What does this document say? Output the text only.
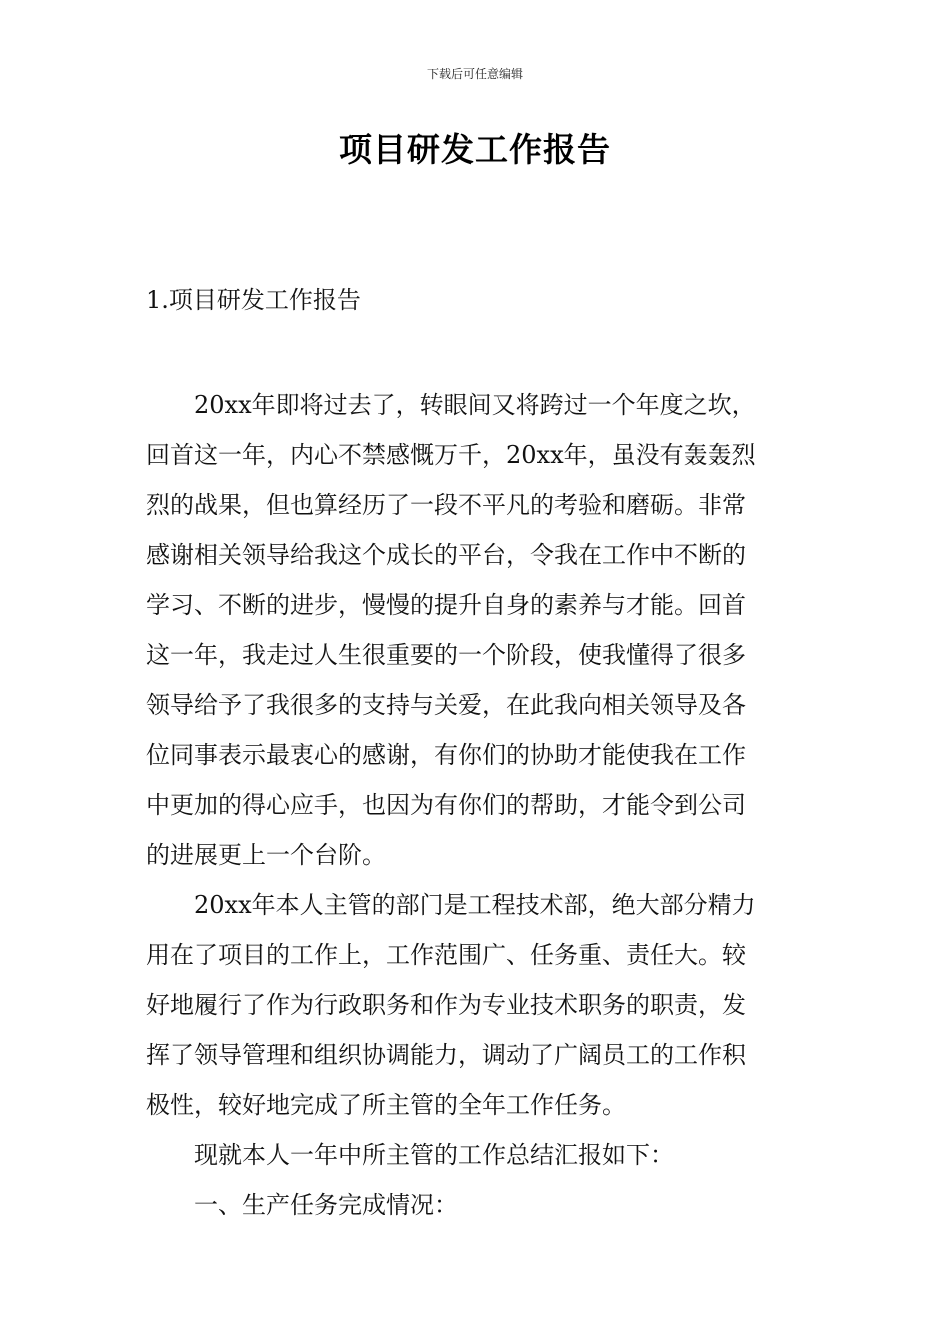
下载后可任意编辑
项目研发工作报告
1.项目研发工作报告
20xx年即将过去了，转眼间又将跨过一个年度之坎，
回首这一年，内心不禁感慨万千，20xx年，虽没有轰轰烈
烈的战果，但也算经历了一段不平凡的考验和磨砺。非常
感谢相关领导给我这个成长的平台，令我在工作中不断的
学习、不断的进步，慢慢的提升自身的素养与才能。回首
这一年，我走过人生很重要的一个阶段，使我懂得了很多
领导给予了我很多的支持与关爱，在此我向相关领导及各
位同事表示最衷心的感谢，有你们的协助才能使我在工作
中更加的得心应手，也因为有你们的帮助，才能令到公司
的进展更上一个台阶。
20xx年本人主管的部门是工程技术部，绝大部分精力
用在了项目的工作上，工作范围广、任务重、责任大。较
好地履行了作为行政职务和作为专业技术职务的职责，发
挥了领导管理和组织协调能力，调动了广阔员工的工作积
极性，较好地完成了所主管的全年工作任务。
现就本人一年中所主管的工作总结汇报如下：
一、生产任务完成情况：
